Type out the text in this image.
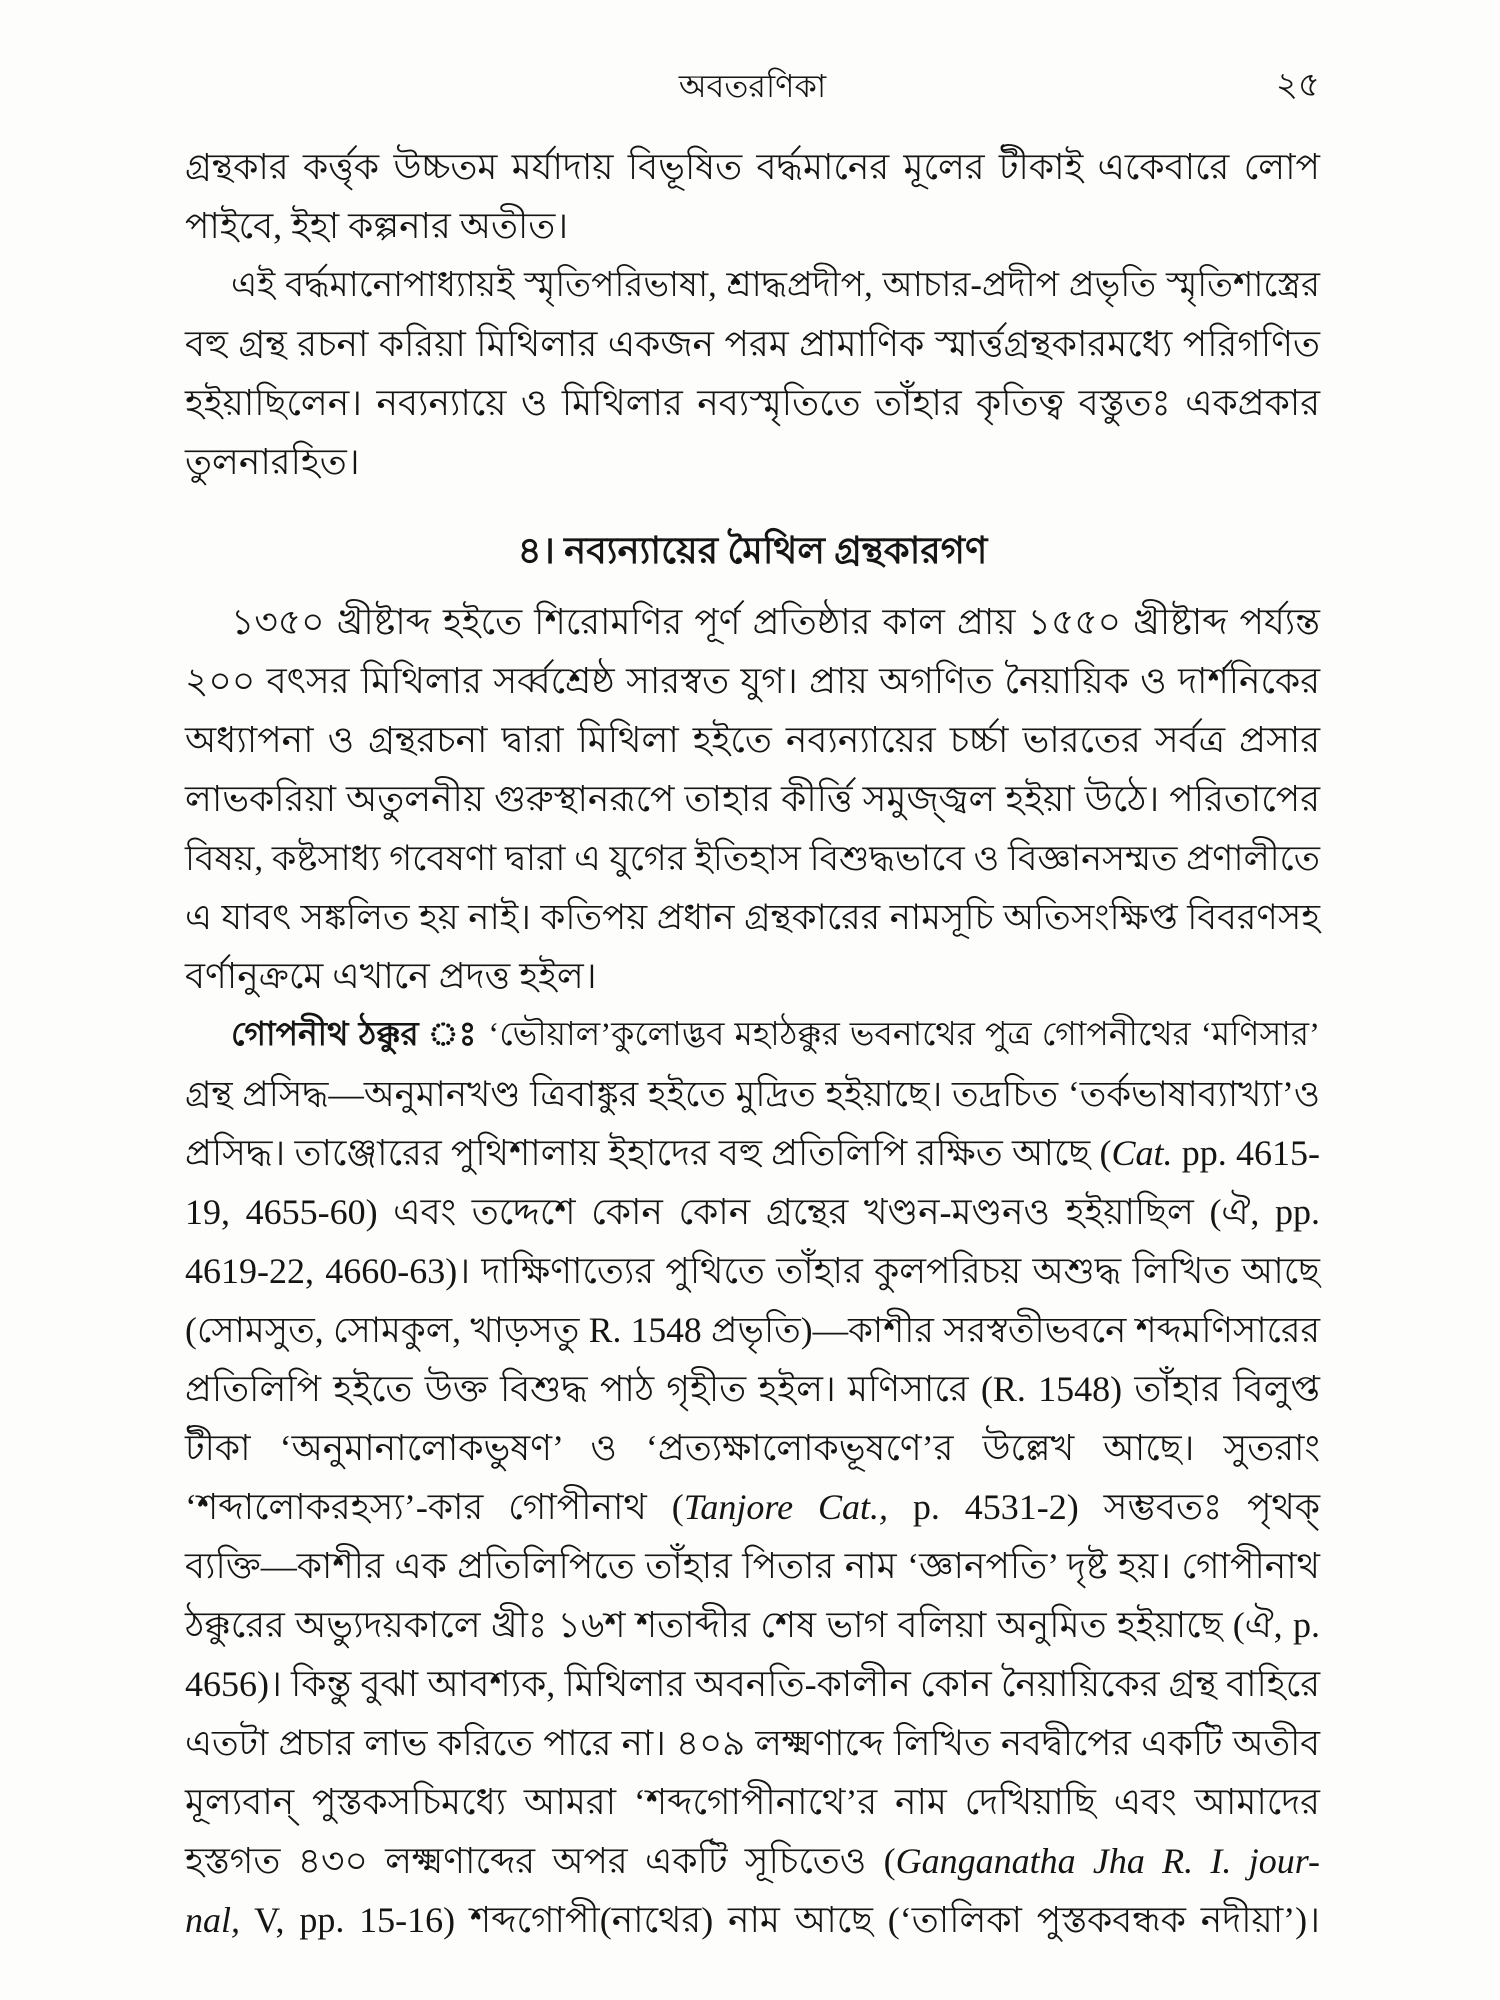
অবতরণিকা	২৫
গ্রন্থকার কর্ত্তৃক উচ্চতম মর্যাদায় বিভূষিত বর্দ্ধমানের মূলের টীকাই একেবারে লোপ
পাইবে, ইহা কল্পনার অতীত।
এই বর্দ্ধমানোপাধ্যায়ই স্মৃতিপরিভাষা, শ্রাদ্ধপ্রদীপ, আচার-প্রদীপ প্রভৃতি স্মৃতিশাস্ত্রের
বহু গ্রন্থ রচনা করিয়া মিথিলার একজন পরম প্রামাণিক স্মার্ত্তগ্রন্থকারমধ্যে পরিগণিত
হইয়াছিলেন। নব্যন্যায়ে ও মিথিলার নব্যস্মৃতিতে তাঁহার কৃতিত্ব বস্তুতঃ একপ্রকার
তুলনারহিত।
৪। নব্যন্যায়ের মৈথিল গ্রন্থকারগণ
১৩৫০ খ্রীষ্টাব্দ হইতে শিরোমণির পূর্ণ প্রতিষ্ঠার কাল প্রায় ১৫৫০ খ্রীষ্টাব্দ পর্য্যন্ত
২০০ বৎসর মিথিলার সর্ব্বশ্রেষ্ঠ সারস্বত যুগ। প্রায় অগণিত নৈয়ায়িক ও দার্শনিকের
অধ্যাপনা ও গ্রন্থরচনা দ্বারা মিথিলা হইতে নব্যন্যায়ের চর্চ্চা ভারতের সর্বত্র প্রসার
লাভকরিয়া অতুলনীয় গুরুস্থানরূপে তাহার কীর্ত্তি সমুজ্জ্বল হইয়া উঠে। পরিতাপের
বিষয়, কষ্টসাধ্য গবেষণা দ্বারা এ যুগের ইতিহাস বিশুদ্ধভাবে ও বিজ্ঞানসম্মত প্রণালীতে
এ যাবৎ সঙ্কলিত হয় নাই। কতিপয় প্রধান গ্রন্থকারের নামসূচি অতিসংক্ষিপ্ত বিবরণসহ
বর্ণানুক্রমে এখানে প্রদত্ত হইল।
গোপনীথ ঠক্কুর ঃ ‘ভৌয়াল’কুলোদ্ভব মহাঠক্কুর ভবনাথের পুত্র গোপনীথের ‘মণিসার’
গ্রন্থ প্রসিদ্ধ—অনুমানখণ্ড ত্রিবাঙ্কুর হইতে মুদ্রিত হইয়াছে। তদ্রচিত ‘তর্কভাষাব্যাখ্যা’ও
প্রসিদ্ধ। তাঞ্জোরের পুথিশালায় ইহাদের বহু প্রতিলিপি রক্ষিত আছে (Cat. pp. 4615-
19, 4655-60) এবং তদ্দেশে কোন কোন গ্রন্থের খণ্ডন-মণ্ডনও হইয়াছিল (ঐ, pp.
4619-22, 4660-63)। দাক্ষিণাত্যের পুথিতে তাঁহার কুলপরিচয় অশুদ্ধ লিখিত আছে
(সোমসুত, সোমকুল, খাড়সতু R. 1548 প্রভৃতি)—কাশীর সরস্বতীভবনে শব্দমণিসারের
প্রতিলিপি হইতে উক্ত বিশুদ্ধ পাঠ গৃহীত হইল। মণিসারে (R. 1548) তাঁহার বিলুপ্ত
টীকা ‘অনুমানালোকভুষণ’ ও ‘প্রত্যক্ষালোকভূষণে’র উল্লেখ আছে। সুতরাং
‘শব্দালোকরহস্য’-কার গোপীনাথ (Tanjore Cat., p. 4531-2) সম্ভবতঃ পৃথক্
ব্যক্তি—কাশীর এক প্রতিলিপিতে তাঁহার পিতার নাম ‘জ্ঞানপতি’ দৃষ্ট হয়। গোপীনাথ
ঠক্কুরের অভ্যুদয়কালে খ্রীঃ ১৬শ শতাব্দীর শেষ ভাগ বলিয়া অনুমিত হইয়াছে (ঐ, p.
4656)। কিন্তু বুঝা আবশ্যক, মিথিলার অবনতি-কালীন কোন নৈয়ায়িকের গ্রন্থ বাহিরে
এতটা প্রচার লাভ করিতে পারে না। ৪০৯ লক্ষ্মণাব্দে লিখিত নবদ্বীপের একটি অতীব
মূল্যবান্ পুস্তকসচিমধ্যে আমরা ‘শব্দগোপীনাথে’র নাম দেখিয়াছি এবং আমাদের
হস্তগত ৪৩০ লক্ষ্মণাব্দের অপর একটি সূচিতেও (Ganganatha Jha R. I. jour-
nal, V, pp. 15-16) শব্দগোপী(নাথের) নাম আছে (‘তালিকা পুস্তকবন্ধক নদীয়া’)।
